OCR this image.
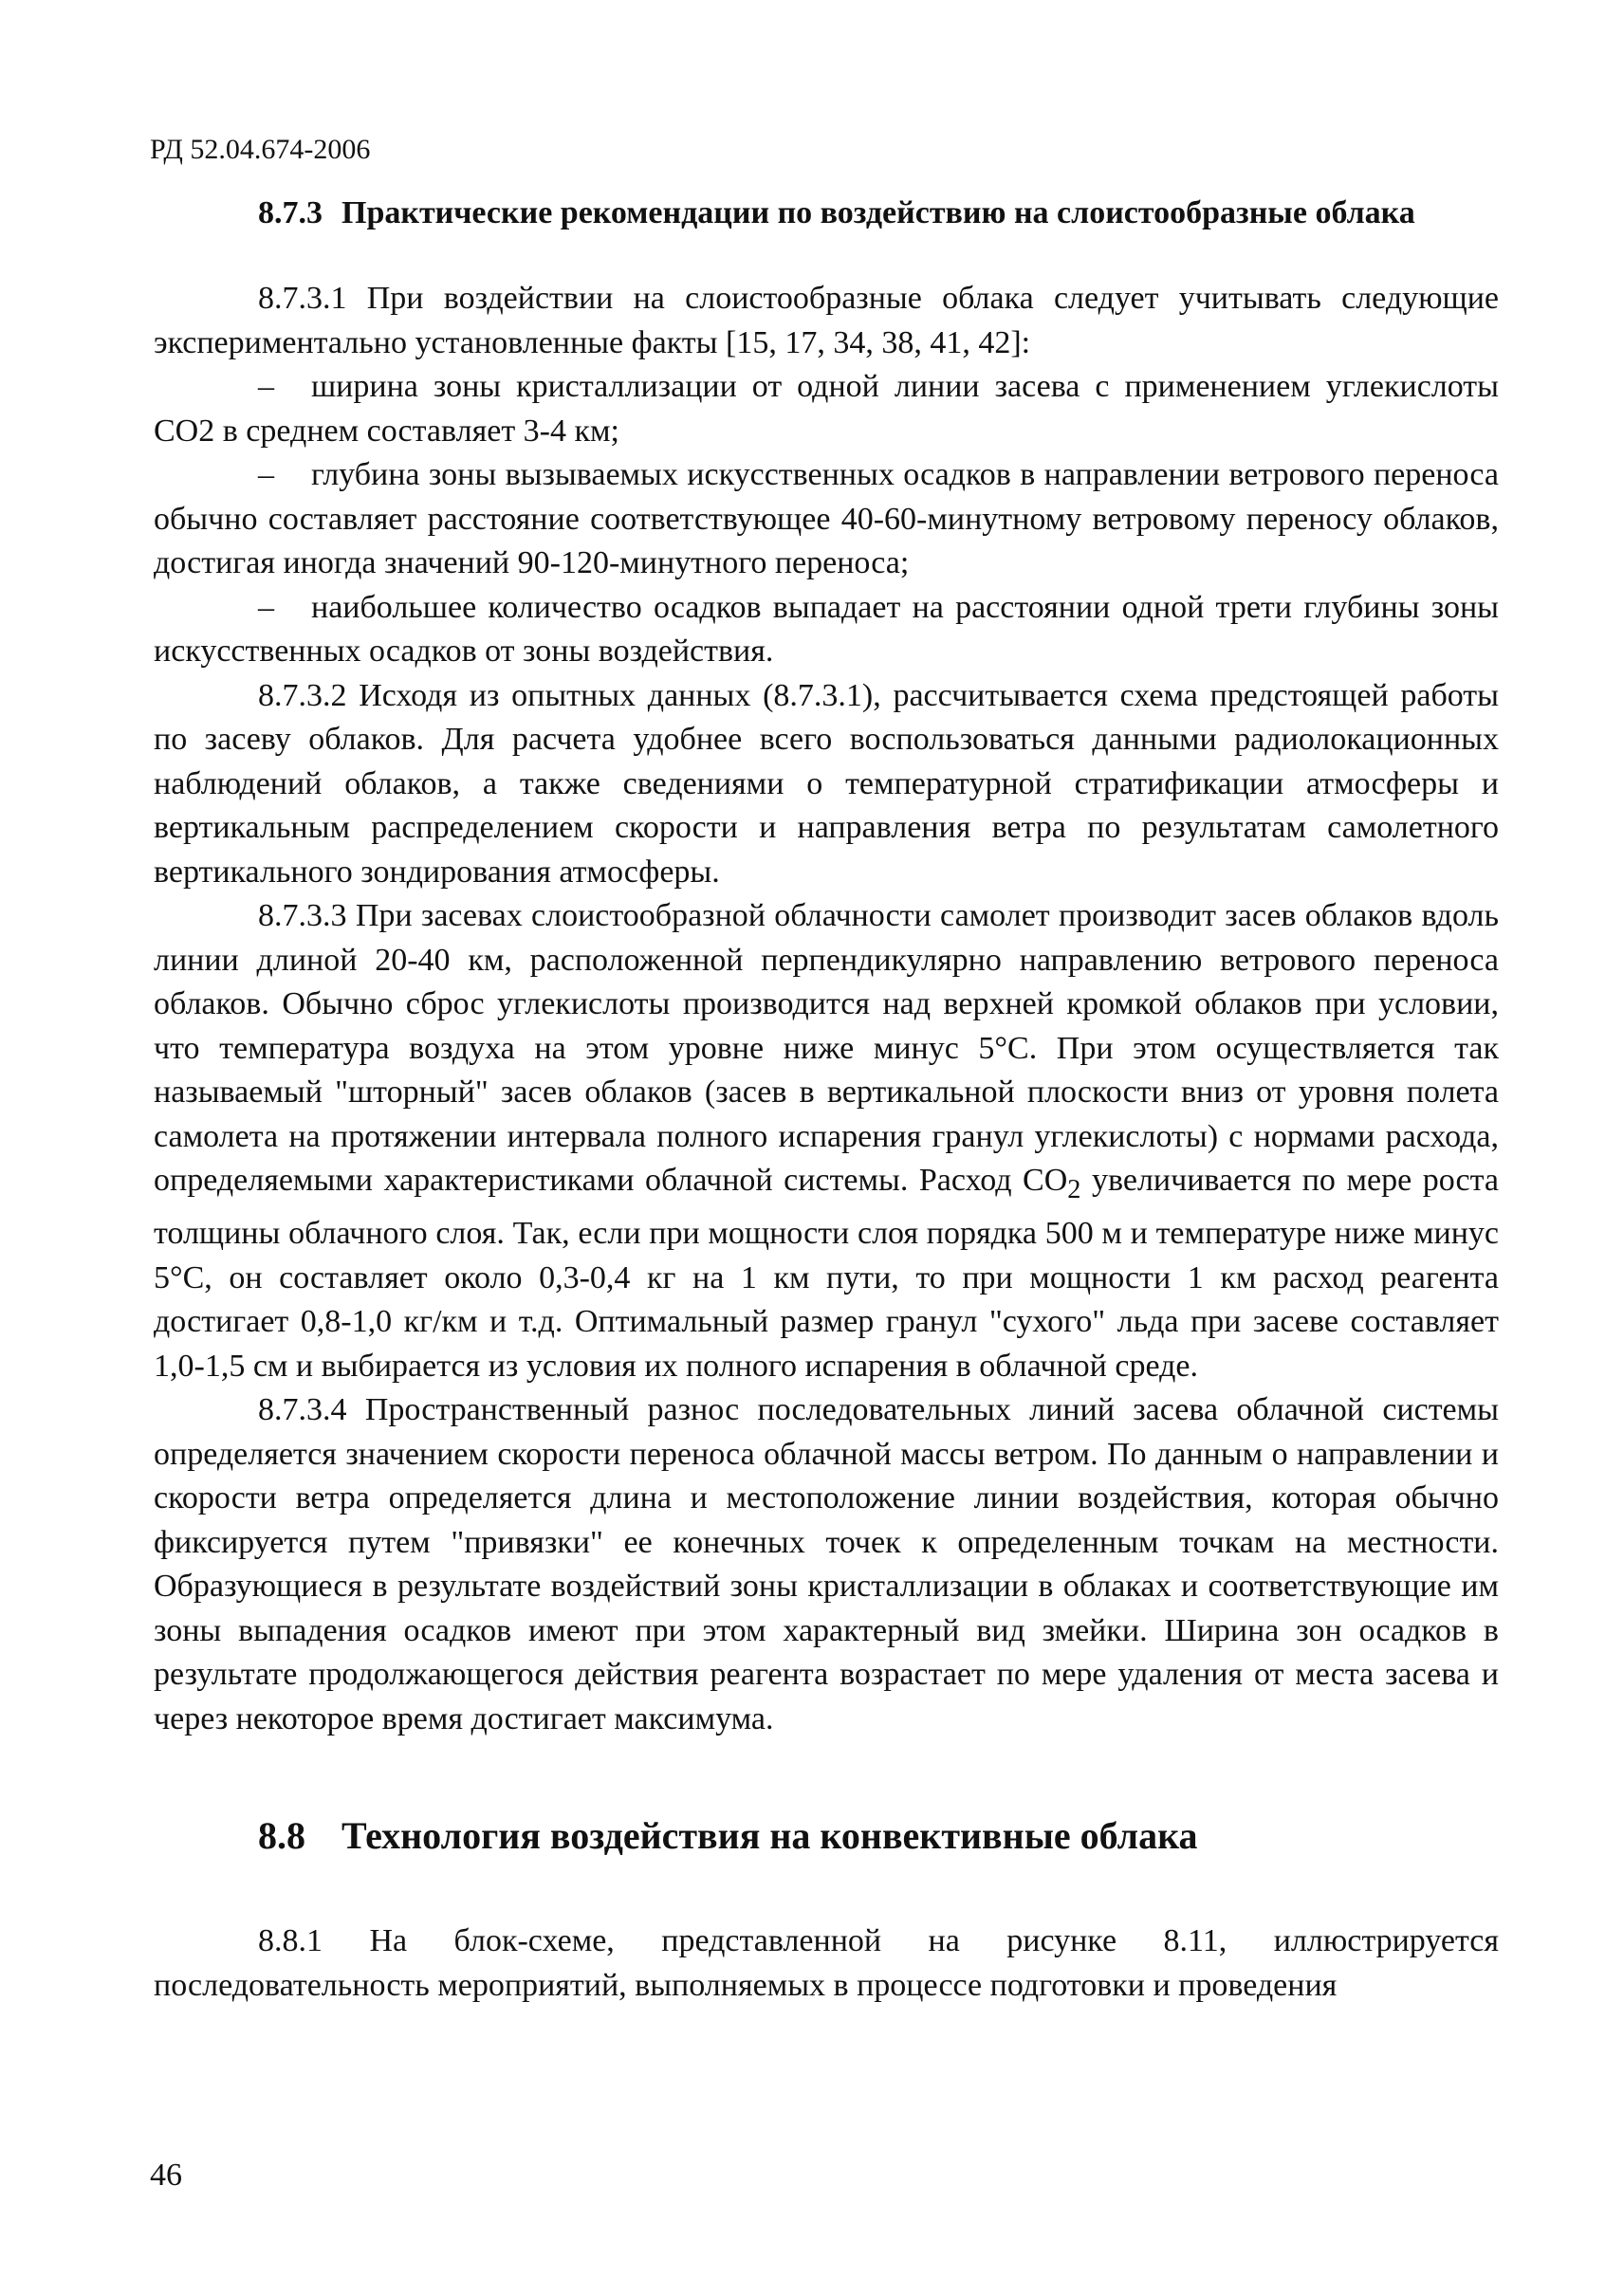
РД 52.04.674-2006
8.7.3 Практические рекомендации по воздействию на слоистообразные облака

8.7.3.1 При воздействии на слоистообразные облака следует учитывать следующие экспериментально установленные факты [15, 17, 34, 38, 41, 42]:

– ширина зоны кристаллизации от одной линии засева с применением углекислоты СО2 в среднем составляет 3-4 км;

– глубина зоны вызываемых искусственных осадков в направлении ветрового переноса обычно составляет расстояние соответствующее 40-60-минутному ветровому переносу облаков, достигая иногда значений 90-120-минутного переноса;

– наибольшее количество осадков выпадает на расстоянии одной трети глубины зоны искусственных осадков от зоны воздействия.

8.7.3.2 Исходя из опытных данных (8.7.3.1), рассчитывается схема предстоящей работы по засеву облаков. Для расчета удобнее всего воспользоваться данными радиолокационных наблюдений облаков, а также сведениями о температурной стратификации атмосферы и вертикальным распределением скорости и направления ветра по результатам самолетного вертикального зондирования атмосферы.

8.7.3.3 При засевах слоистообразной облачности самолет производит засев облаков вдоль линии длиной 20-40 км, расположенной перпендикулярно направлению ветрового переноса облаков. Обычно сброс углекислоты производится над верхней кромкой облаков при условии, что температура воздуха на этом уровне ниже минус 5°С. При этом осуществляется так называемый "шторный" засев облаков (засев в вертикальной плоскости вниз от уровня полета самолета на протяжении интервала полного испарения гранул углекислоты) с нормами расхода, определяемыми характеристиками облачной системы. Расход $СО_2$ увеличивается по мере роста толщины облачного слоя. Так, если при мощности слоя порядка 500 м и температуре ниже минус 5°С, он составляет около 0,3-0,4 кг на 1 км пути, то при мощности 1 км расход реагента достигает 0,8-1,0 кг/км и т.д. Оптимальный размер гранул "сухого" льда при засеве составляет 1,0-1,5 см и выбирается из условия их полного испарения в облачной среде.

8.7.3.4 Пространственный разнос последовательных линий засева облачной системы определяется значением скорости переноса облачной массы ветром. По данным о направлении и скорости ветра определяется длина и местоположение линии воздействия, которая обычно фиксируется путем "привязки" ее конечных точек к определенным точкам на местности. Образующиеся в результате воздействий зоны кристаллизации в облаках и соответствующие им зоны выпадения осадков имеют при этом характерный вид змейки. Ширина зон осадков в результате продолжающегося действия реагента возрастает по мере удаления от места засева и через некоторое время достигает максимума.

8.8 Технология воздействия на конвективные облака

8.8.1 На блок-схеме, представленной на рисунке 8.11, иллюстрируется последовательность мероприятий, выполняемых в процессе подготовки и проведения

46
